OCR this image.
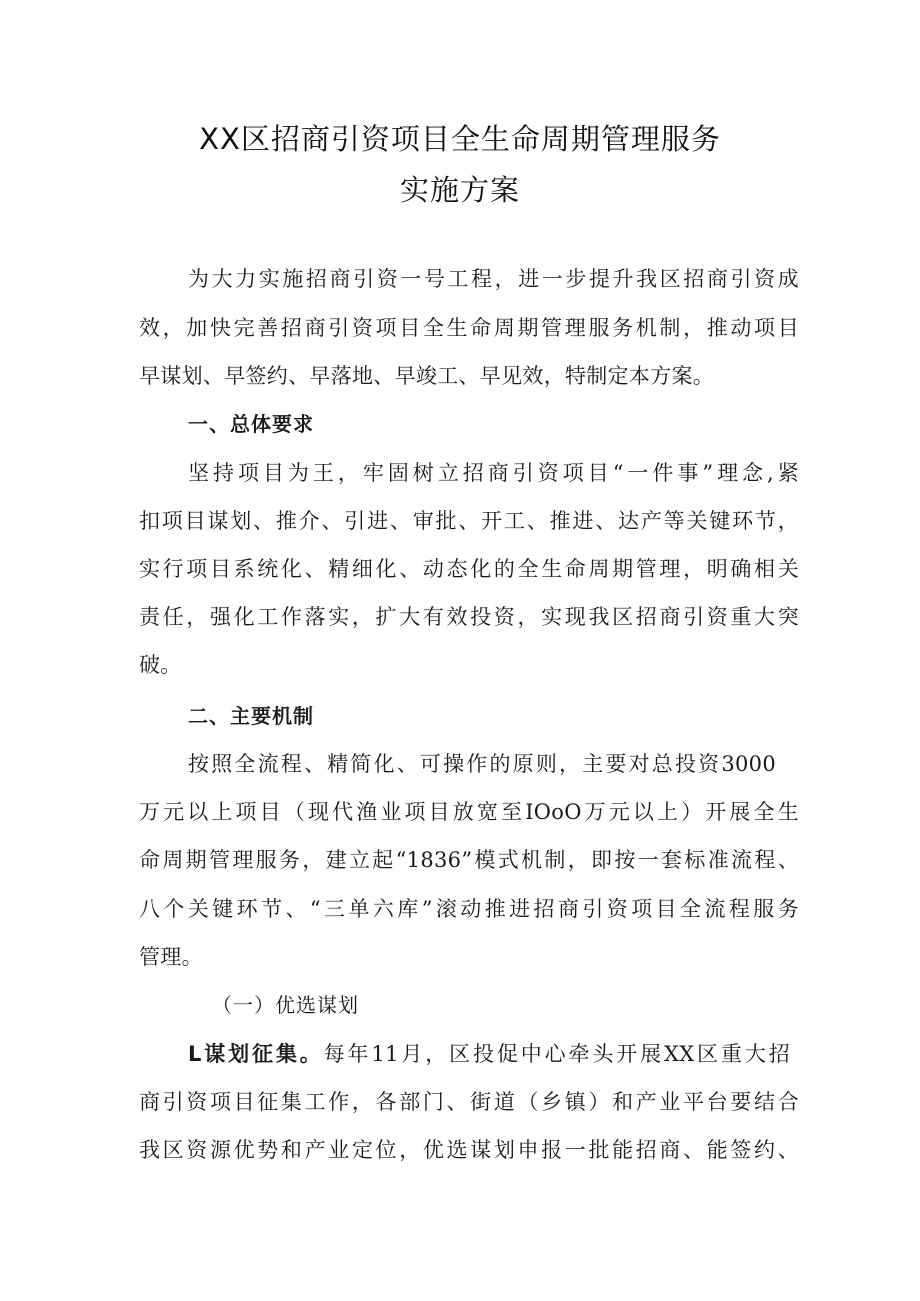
XX区招商引资项目全生命周期管理服务
实施方案
为大力实施招商引资一号工程，进一步提升我区招商引资成
效，加快完善招商引资项目全生命周期管理服务机制，推动项目
早谋划、早签约、早落地、早竣工、早见效，特制定本方案。
一、总体要求
坚持项目为王，牢固树立招商引资项目“一件事”理念,紧
扣项目谋划、推介、引进、审批、开工、推进、达产等关键环节，
实行项目系统化、精细化、动态化的全生命周期管理，明确相关
责任，强化工作落实，扩大有效投资，实现我区招商引资重大突
破。
二、主要机制
按照全流程、精简化、可操作的原则，主要对总投资3000
万元以上项目（现代渔业项目放宽至IOoO万元以上）开展全生
命周期管理服务，建立起“1836”模式机制，即按一套标准流程、
八个关键环节、“三单六库”滚动推进招商引资项目全流程服务
管理。
（一）优选谋划
L谋划征集。每年11月，区投促中心牵头开展XX区重大招
商引资项目征集工作，各部门、街道（乡镇）和产业平台要结合
我区资源优势和产业定位，优选谋划申报一批能招商、能签约、
